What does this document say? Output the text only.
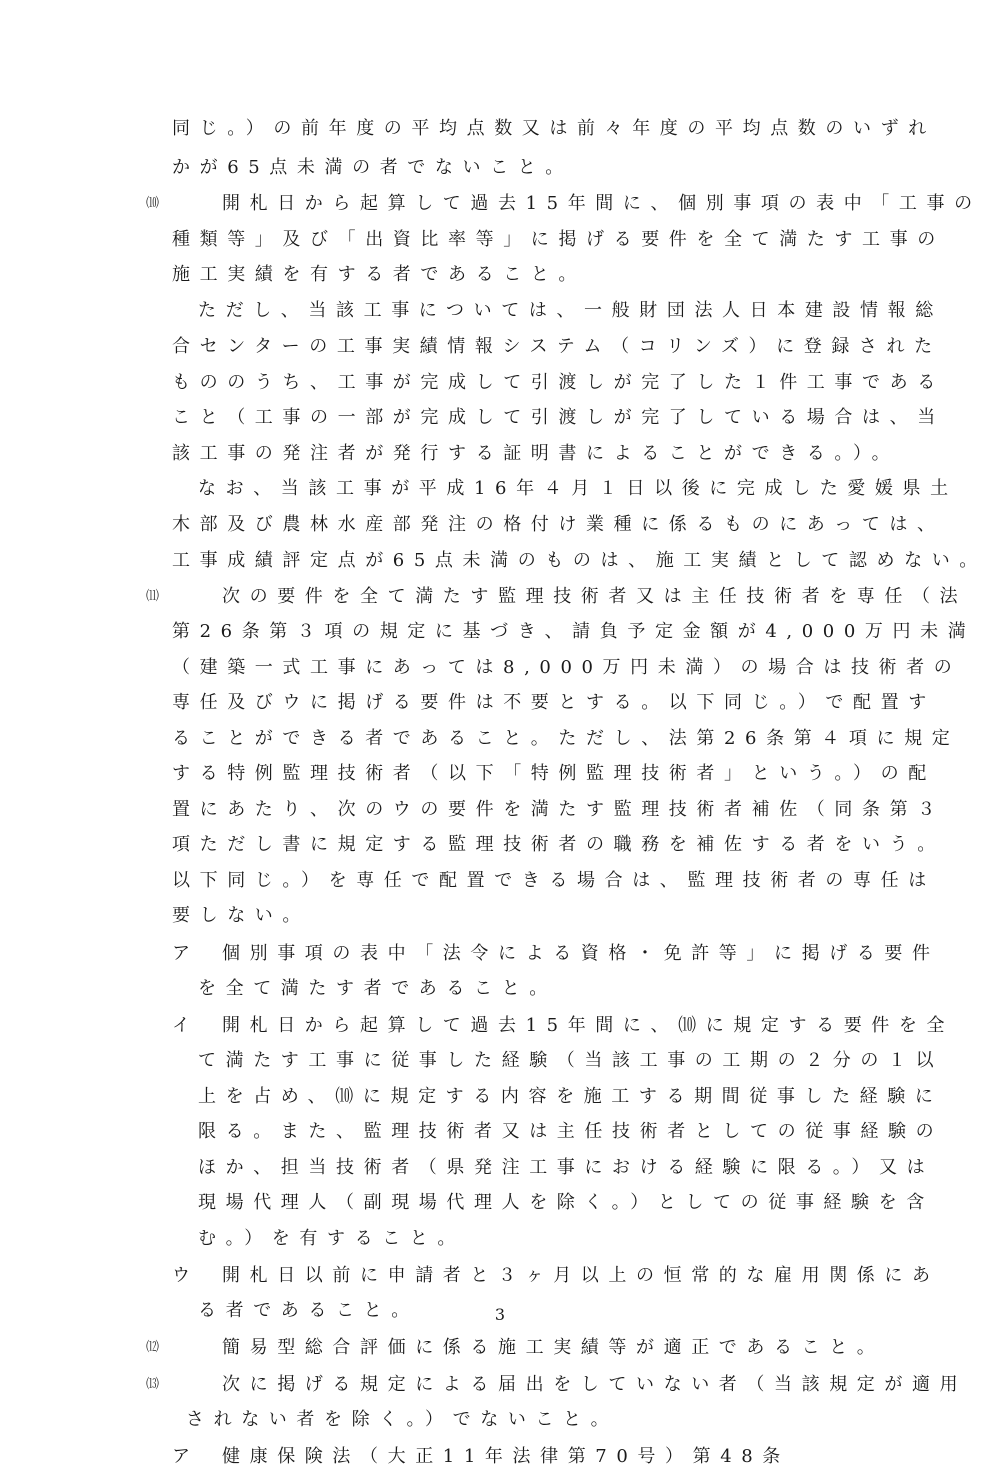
同じ。）の前年度の平均点数又は前々年度の平均点数のいずれ
かが65点未満の者でないこと。
⑽	開札日から起算して過去15年間に、個別事項の表中「工事の
種類等」及び「出資比率等」に掲げる要件を全て満たす工事の
施工実績を有する者であること。
ただし、当該工事については、一般財団法人日本建設情報総
合センターの工事実績情報システム（コリンズ）に登録された
もののうち、工事が完成して引渡しが完了した１件工事である
こと（工事の一部が完成して引渡しが完了している場合は、当
該工事の発注者が発行する証明書によることができる。）。
なお、当該工事が平成16年４月１日以後に完成した愛媛県土
木部及び農林水産部発注の格付け業種に係るものにあっては、
工事成績評定点が65点未満のものは、施工実績として認めない。
⑾	次の要件を全て満たす監理技術者又は主任技術者を専任（法
第26条第３項の規定に基づき、請負予定金額が4,000万円未満
（建築一式工事にあっては8,000万円未満）の場合は技術者の
専任及びウに掲げる要件は不要とする。以下同じ。）で配置す
ることができる者であること。ただし、法第26条第４項に規定
する特例監理技術者（以下「特例監理技術者」という。）の配
置にあたり、次のウの要件を満たす監理技術者補佐（同条第３
項ただし書に規定する監理技術者の職務を補佐する者をいう。
以下同じ。）を専任で配置できる場合は、監理技術者の専任は
要しない。
ア 個別事項の表中「法令による資格・免許等」に掲げる要件
を全て満たす者であること。
イ 開札日から起算して過去15年間に、⑽に規定する要件を全
て満たす工事に従事した経験（当該工事の工期の２分の１以
上を占め、⑽に規定する内容を施工する期間従事した経験に
限る。また、監理技術者又は主任技術者としての従事経験の
ほか、担当技術者（県発注工事における経験に限る。）又は
現場代理人（副現場代理人を除く。）としての従事経験を含
む。）を有すること。
ウ 開札日以前に申請者と３ヶ月以上の恒常的な雇用関係にあ
る者であること。
⑿	簡易型総合評価に係る施工実績等が適正であること。
⒀	次に掲げる規定による届出をしていない者（当該規定が適用
されない者を除く。）でないこと。
ア 健康保険法（大正11年法律第70号）第48条
3
